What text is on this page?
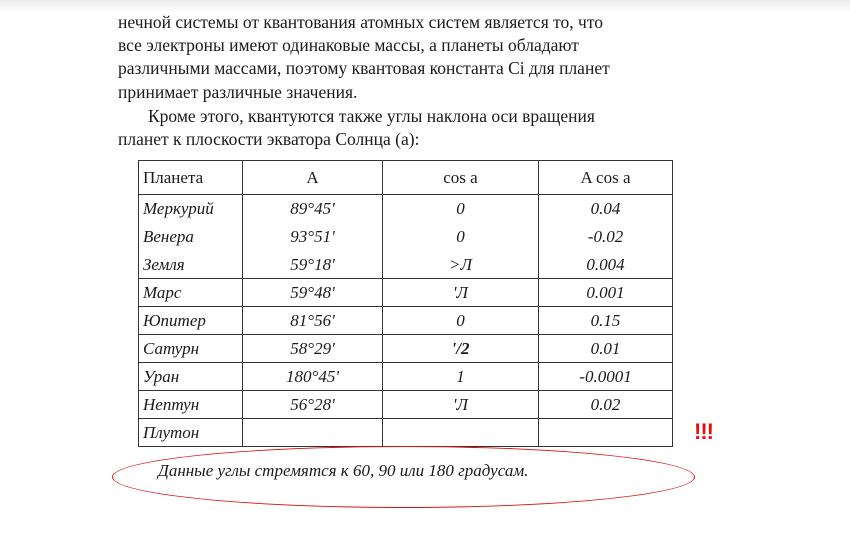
нечной системы от квантования атомных систем является то, что

все электроны имеют одинаковые массы, а планеты обладают

различными массами, поэтому квантовая константа Ci для планет

принимает различные значения.

Кроме этого, квантуются также углы наклона оси вращения

планет к плоскости экватора Солнца (а):

Планета	А	cos a	A cos a
Меркурий	89°45'	0	0.04
Венера	93°51'	0	-0.02
Земля	59°18'	>Л	0.004
Марс	59°48'	'Л	0.001
Юпитер	81°56'	0	0.15
Сатурн	58°29'	'/2	0.01
Уран	180°45'	1	-0.0001
Нептун	56°28'	'Л	0.02
Плутон				!!!
Данные углы стремятся к 60, 90 или 180 градусам.
